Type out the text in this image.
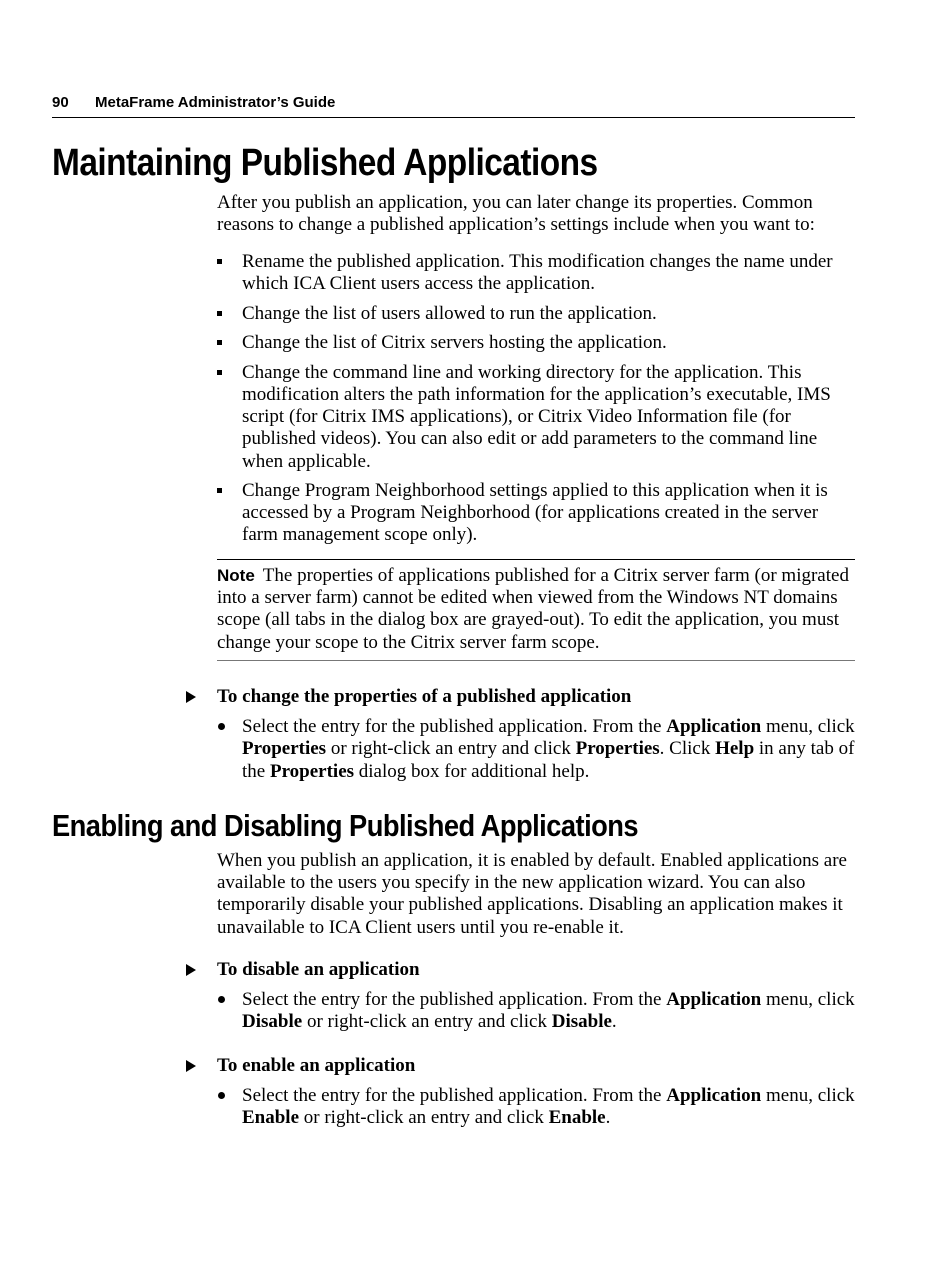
90 MetaFrame Administrator’s Guide
Maintaining Published Applications

After you publish an application, you can later change its properties. Common reasons to change a published application’s settings include when you want to:

Rename the published application. This modification changes the name under which ICA Client users access the application.
Change the list of users allowed to run the application.
Change the list of Citrix servers hosting the application.
Change the command line and working directory for the application. This modification alters the path information for the application’s executable, IMS script (for Citrix IMS applications), or Citrix Video Information file (for published videos). You can also edit or add parameters to the command line when applicable.
Change Program Neighborhood settings applied to this application when it is accessed by a Program Neighborhood (for applications created in the server farm management scope only).
Note The properties of applications published for a Citrix server farm (or migrated into a server farm) cannot be edited when viewed from the Windows NT domains scope (all tabs in the dialog box are grayed-out). To edit the application, you must change your scope to the Citrix server farm scope.
To change the properties of a published application
Select the entry for the published application. From the Application menu, click Properties or right-click an entry and click Properties. Click Help in any tab of the Properties dialog box for additional help.
Enabling and Disabling Published Applications

When you publish an application, it is enabled by default. Enabled applications are available to the users you specify in the new application wizard. You can also temporarily disable your published applications. Disabling an application makes it unavailable to ICA Client users until you re-enable it.

To disable an application
Select the entry for the published application. From the Application menu, click Disable or right-click an entry and click Disable.
To enable an application
Select the entry for the published application. From the Application menu, click Enable or right-click an entry and click Enable.
